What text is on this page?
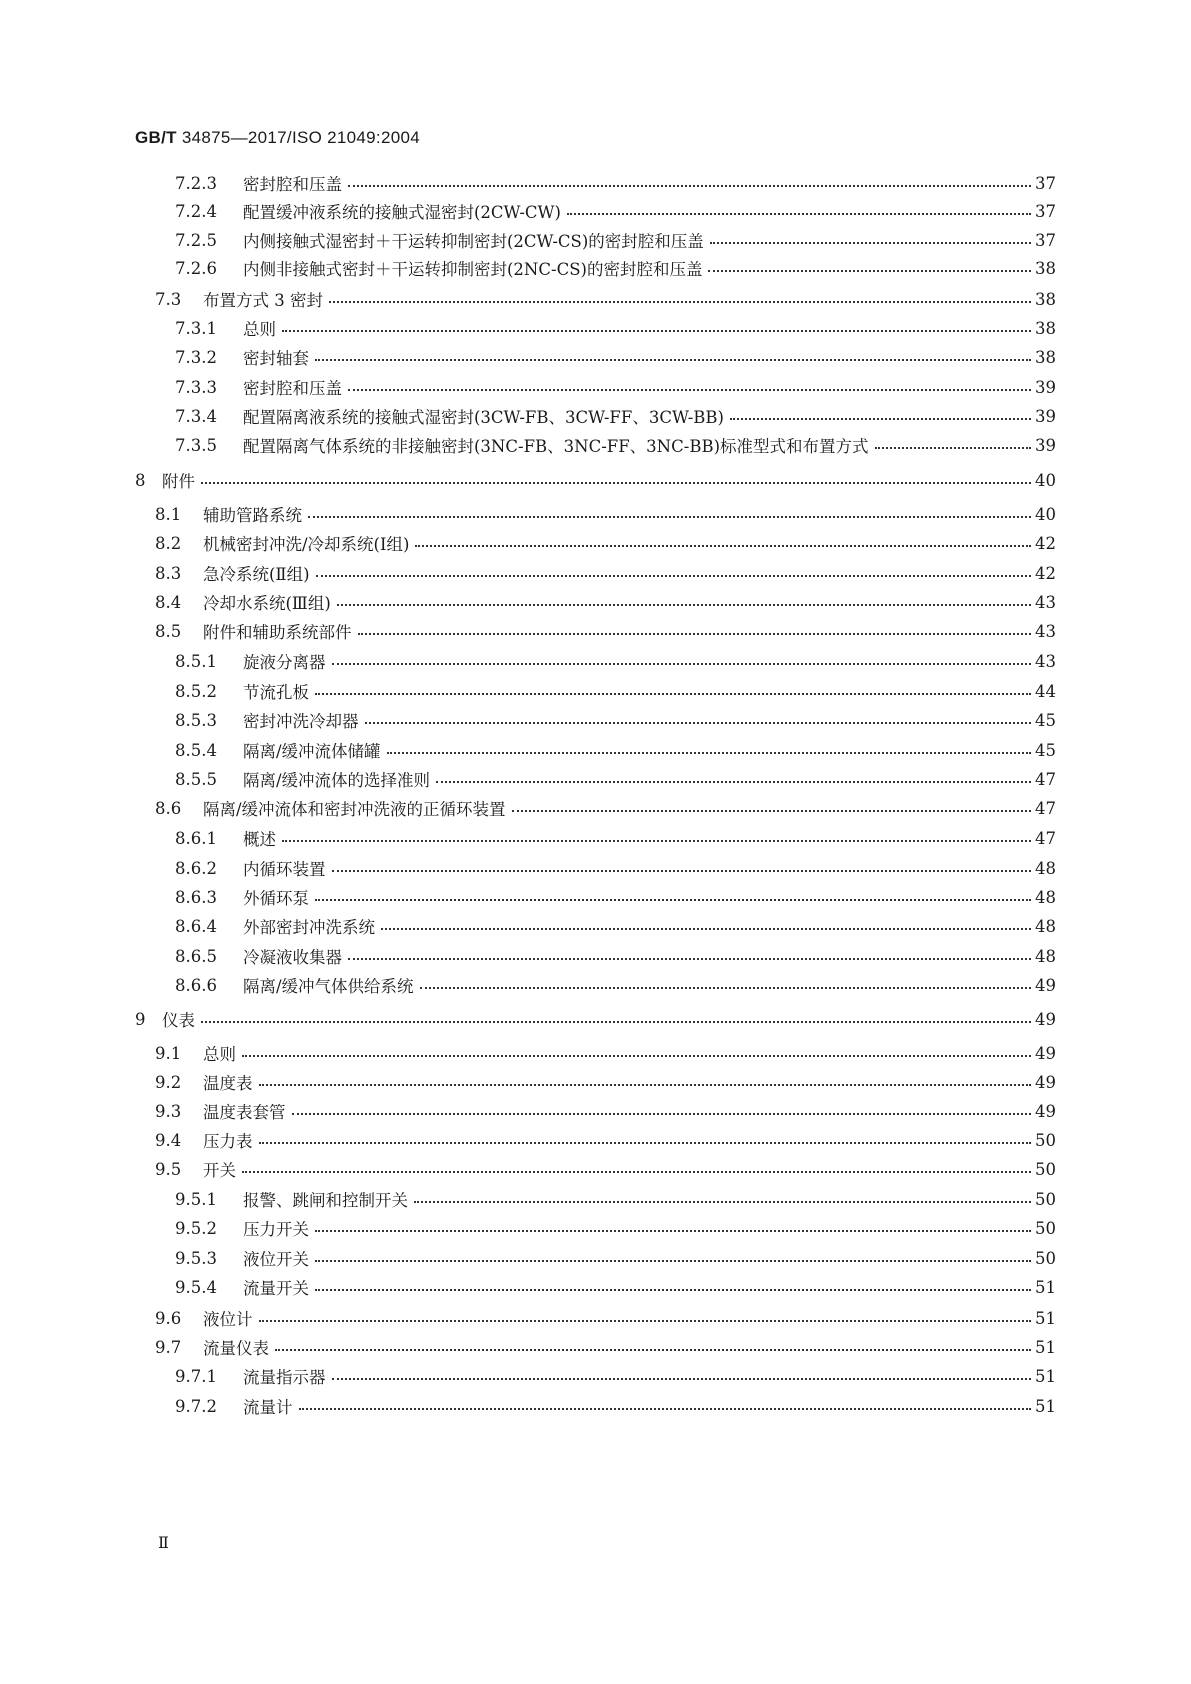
GB/T 34875—2017/ISO 21049:2004
7.2.3 密封腔和压盖	37
7.2.4 配置缓冲液系统的接触式湿密封(2CW-CW)	37
7.2.5 内侧接触式湿密封＋干运转抑制密封(2CW-CS)的密封腔和压盖	37
7.2.6 内侧非接触式密封＋干运转抑制密封(2NC-CS)的密封腔和压盖	38
7.3 布置方式 3 密封	38
7.3.1 总则	38
7.3.2 密封轴套	38
7.3.3 密封腔和压盖	39
7.3.4 配置隔离液系统的接触式湿密封(3CW-FB、3CW-FF、3CW-BB)	39
7.3.5 配置隔离气体系统的非接触密封(3NC-FB、3NC-FF、3NC-BB)标准型式和布置方式	39
8 附件	40
8.1 辅助管路系统	40
8.2 机械密封冲洗/冷却系统(Ⅰ组)	42
8.3 急冷系统(Ⅱ组)	42
8.4 冷却水系统(Ⅲ组)	43
8.5 附件和辅助系统部件	43
8.5.1 旋液分离器	43
8.5.2 节流孔板	44
8.5.3 密封冲洗冷却器	45
8.5.4 隔离/缓冲流体储罐	45
8.5.5 隔离/缓冲流体的选择准则	47
8.6 隔离/缓冲流体和密封冲洗液的正循环装置	47
8.6.1 概述	47
8.6.2 内循环装置	48
8.6.3 外循环泵	48
8.6.4 外部密封冲洗系统	48
8.6.5 冷凝液收集器	48
8.6.6 隔离/缓冲气体供给系统	49
9 仪表	49
9.1 总则	49
9.2 温度表	49
9.3 温度表套管	49
9.4 压力表	50
9.5 开关	50
9.5.1 报警、跳闸和控制开关	50
9.5.2 压力开关	50
9.5.3 液位开关	50
9.5.4 流量开关	51
9.6 液位计	51
9.7 流量仪表	51
9.7.1 流量指示器	51
9.7.2 流量计	51
Ⅱ
